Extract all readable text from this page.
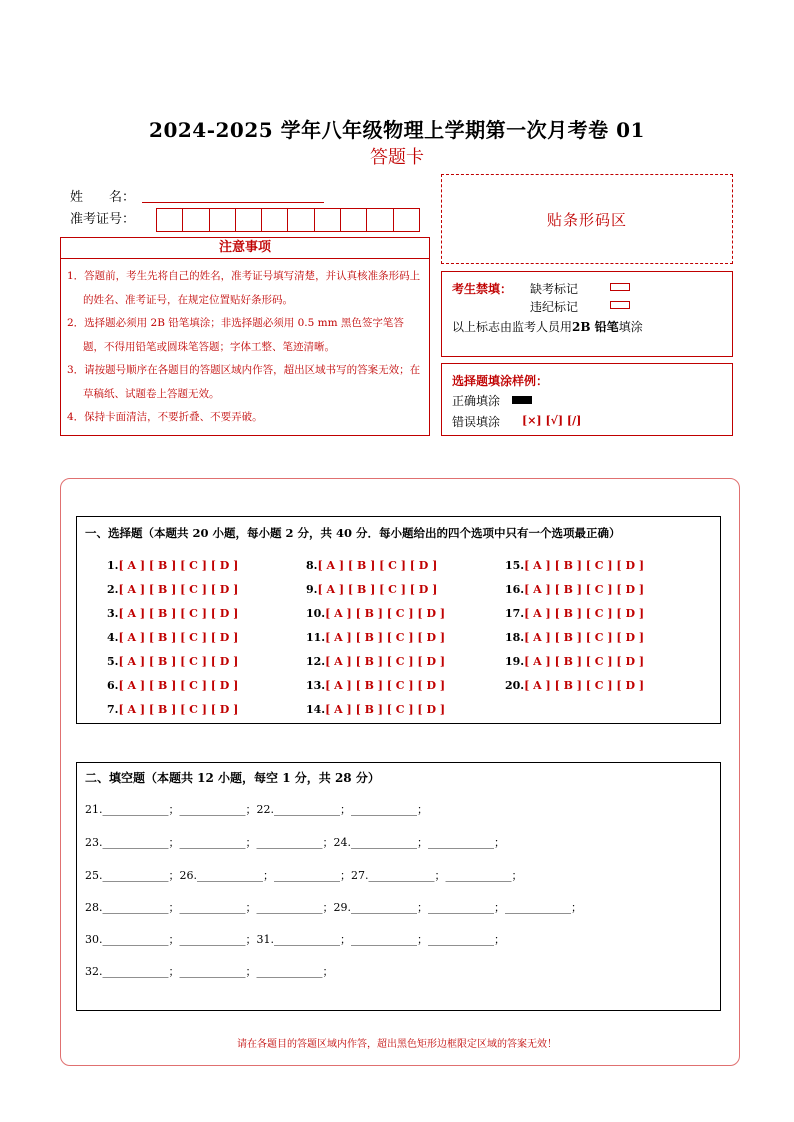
2024-2025 学年八年级物理上学期第一次月考卷 01
答题卡
姓　　名：
准考证号：	贴条形码区
注意事项

1．答题前，考生先将自己的姓名，准考证号填写清楚，并认真核准条形码上的姓名、准考证号，在规定位置贴好条形码。

2．选择题必须用 2B 铅笔填涂；非选择题必须用 0.5 mm 黑色签字笔答题，不得用铅笔或圆珠笔答题；字体工整、笔迹清晰。

3．请按题号顺序在各题目的答题区域内作答，超出区域书写的答案无效；在草稿纸、试题卷上答题无效。

4．保持卡面清洁，不要折叠、不要弄破。

考生禁填： 缺考标记
违纪标记
以上标志由监考人员用2B 铅笔填涂
选择题填涂样例：
正确填涂
错误填涂 [×] [√] [/]
一、选择题（本题共 20 小题，每小题 2 分，共 40 分．每小题给出的四个选项中只有一个选项最正确）
1.[ A ] [ B ] [ C ] [ D ]
2.[ A ] [ B ] [ C ] [ D ]
3.[ A ] [ B ] [ C ] [ D ]
4.[ A ] [ B ] [ C ] [ D ]
5.[ A ] [ B ] [ C ] [ D ]
6.[ A ] [ B ] [ C ] [ D ]
7.[ A ] [ B ] [ C ] [ D ]
8.[ A ] [ B ] [ C ] [ D ]
9.[ A ] [ B ] [ C ] [ D ]
10.[ A ] [ B ] [ C ] [ D ]
11.[ A ] [ B ] [ C ] [ D ]
12.[ A ] [ B ] [ C ] [ D ]
13.[ A ] [ B ] [ C ] [ D ]
14.[ A ] [ B ] [ C ] [ D ]
15.[ A ] [ B ] [ C ] [ D ]
16.[ A ] [ B ] [ C ] [ D ]
17.[ A ] [ B ] [ C ] [ D ]
18.[ A ] [ B ] [ C ] [ D ]
19.[ A ] [ B ] [ C ] [ D ]
20.[ A ] [ B ] [ C ] [ D ]
二、填空题（本题共 12 小题，每空 1 分，共 28 分）
21.____________；____________；22.____________；____________；
23.____________；____________；____________；24.____________；____________；
25.____________；26.____________；____________；27.____________；____________；
28.____________；____________；____________；29.____________；____________；____________；
30.____________；____________；31.____________；____________；____________；
32.____________；____________；____________；
请在各题目的答题区域内作答，超出黑色矩形边框限定区域的答案无效！
